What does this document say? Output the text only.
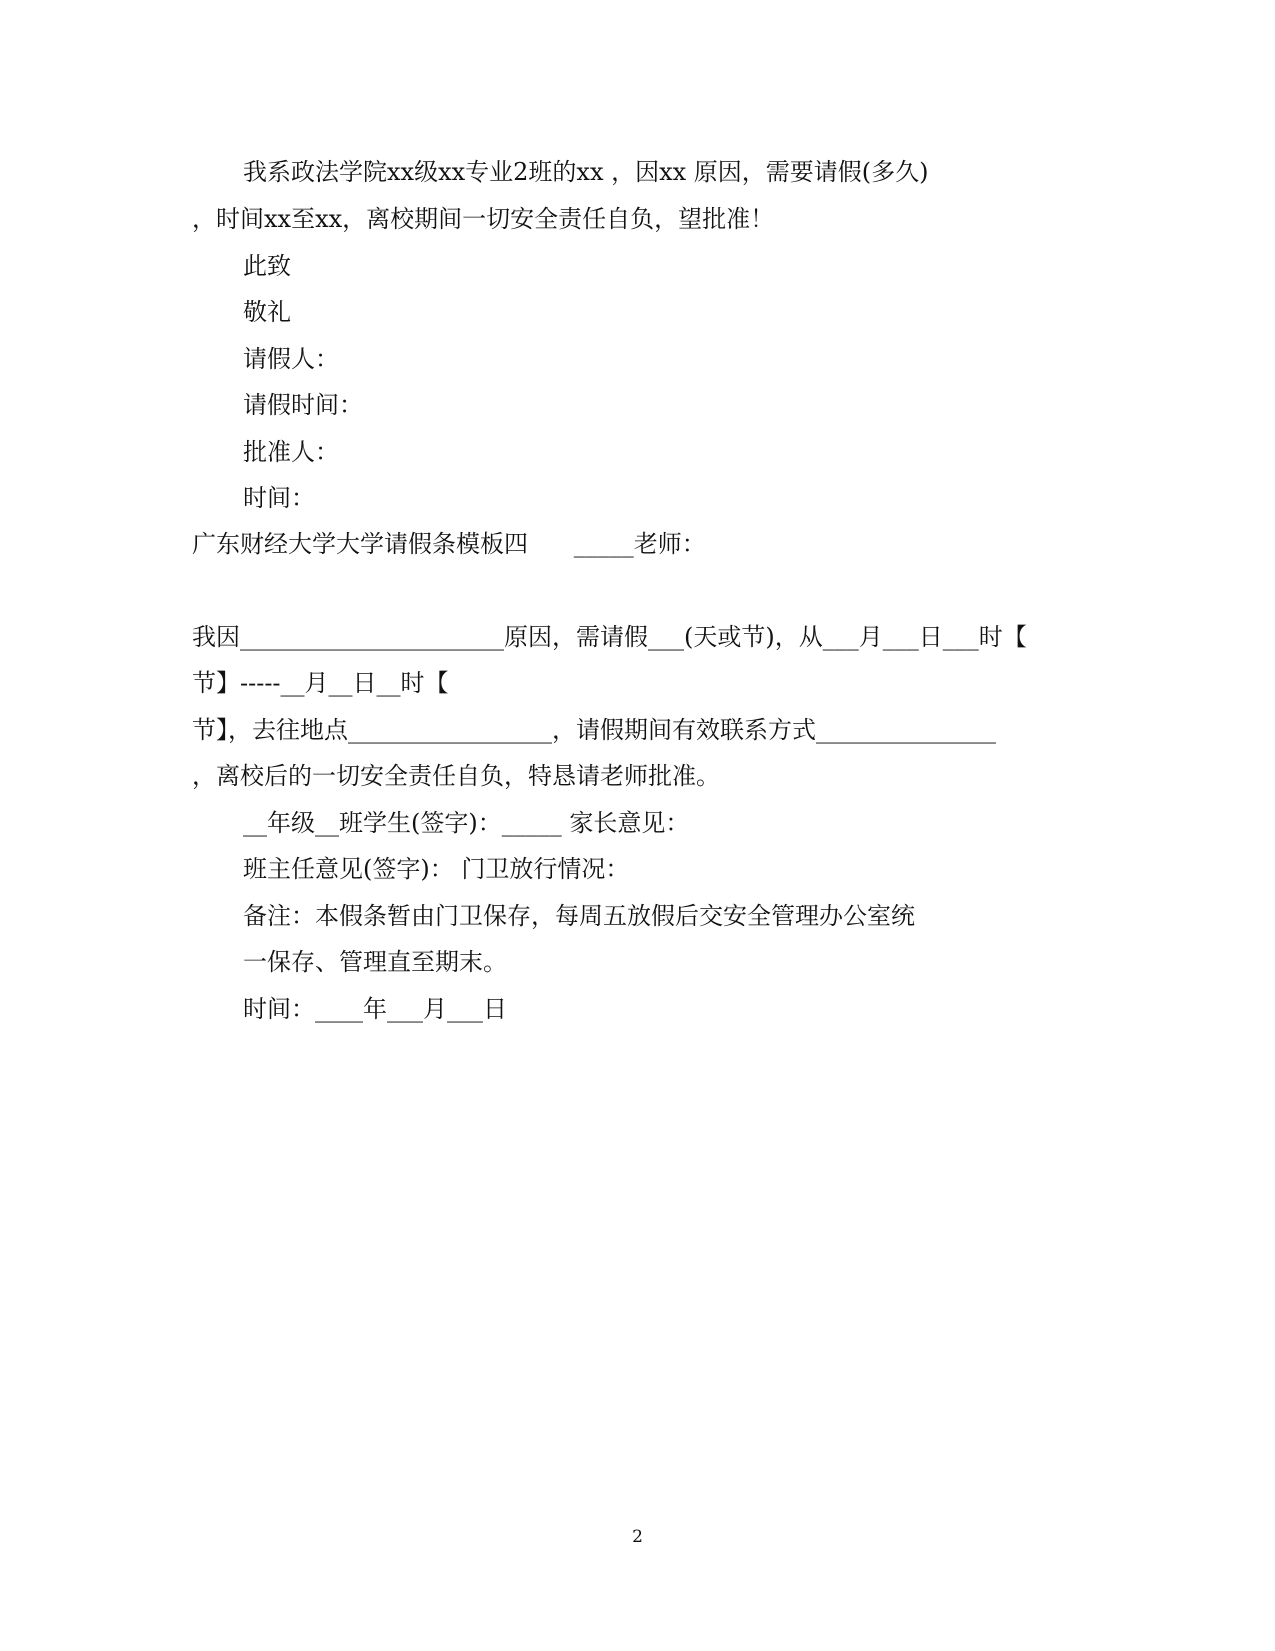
我系政法学院xx级xx专业2班的xx ，因xx 原因，需要请假(多久)
，时间xx至xx，离校期间一切安全责任自负，望批准！
此致
敬礼
请假人：
请假时间：
批准人：
时间：
广东财经大学大学请假条模板四      _____老师：
我因______________________原因，需请假___(天或节)，从___月___日___时【
节】-----__月__日__时【
节】，去往地点_________________，请假期间有效联系方式_______________
，离校后的一切安全责任自负，特恳请老师批准。
__年级__班学生(签字)：_____ 家长意见：
班主任意见(签字)： 门卫放行情况：
备注：本假条暂由门卫保存，每周五放假后交安全管理办公室统
一保存、管理直至期末。
时间：____年___月___日
2
